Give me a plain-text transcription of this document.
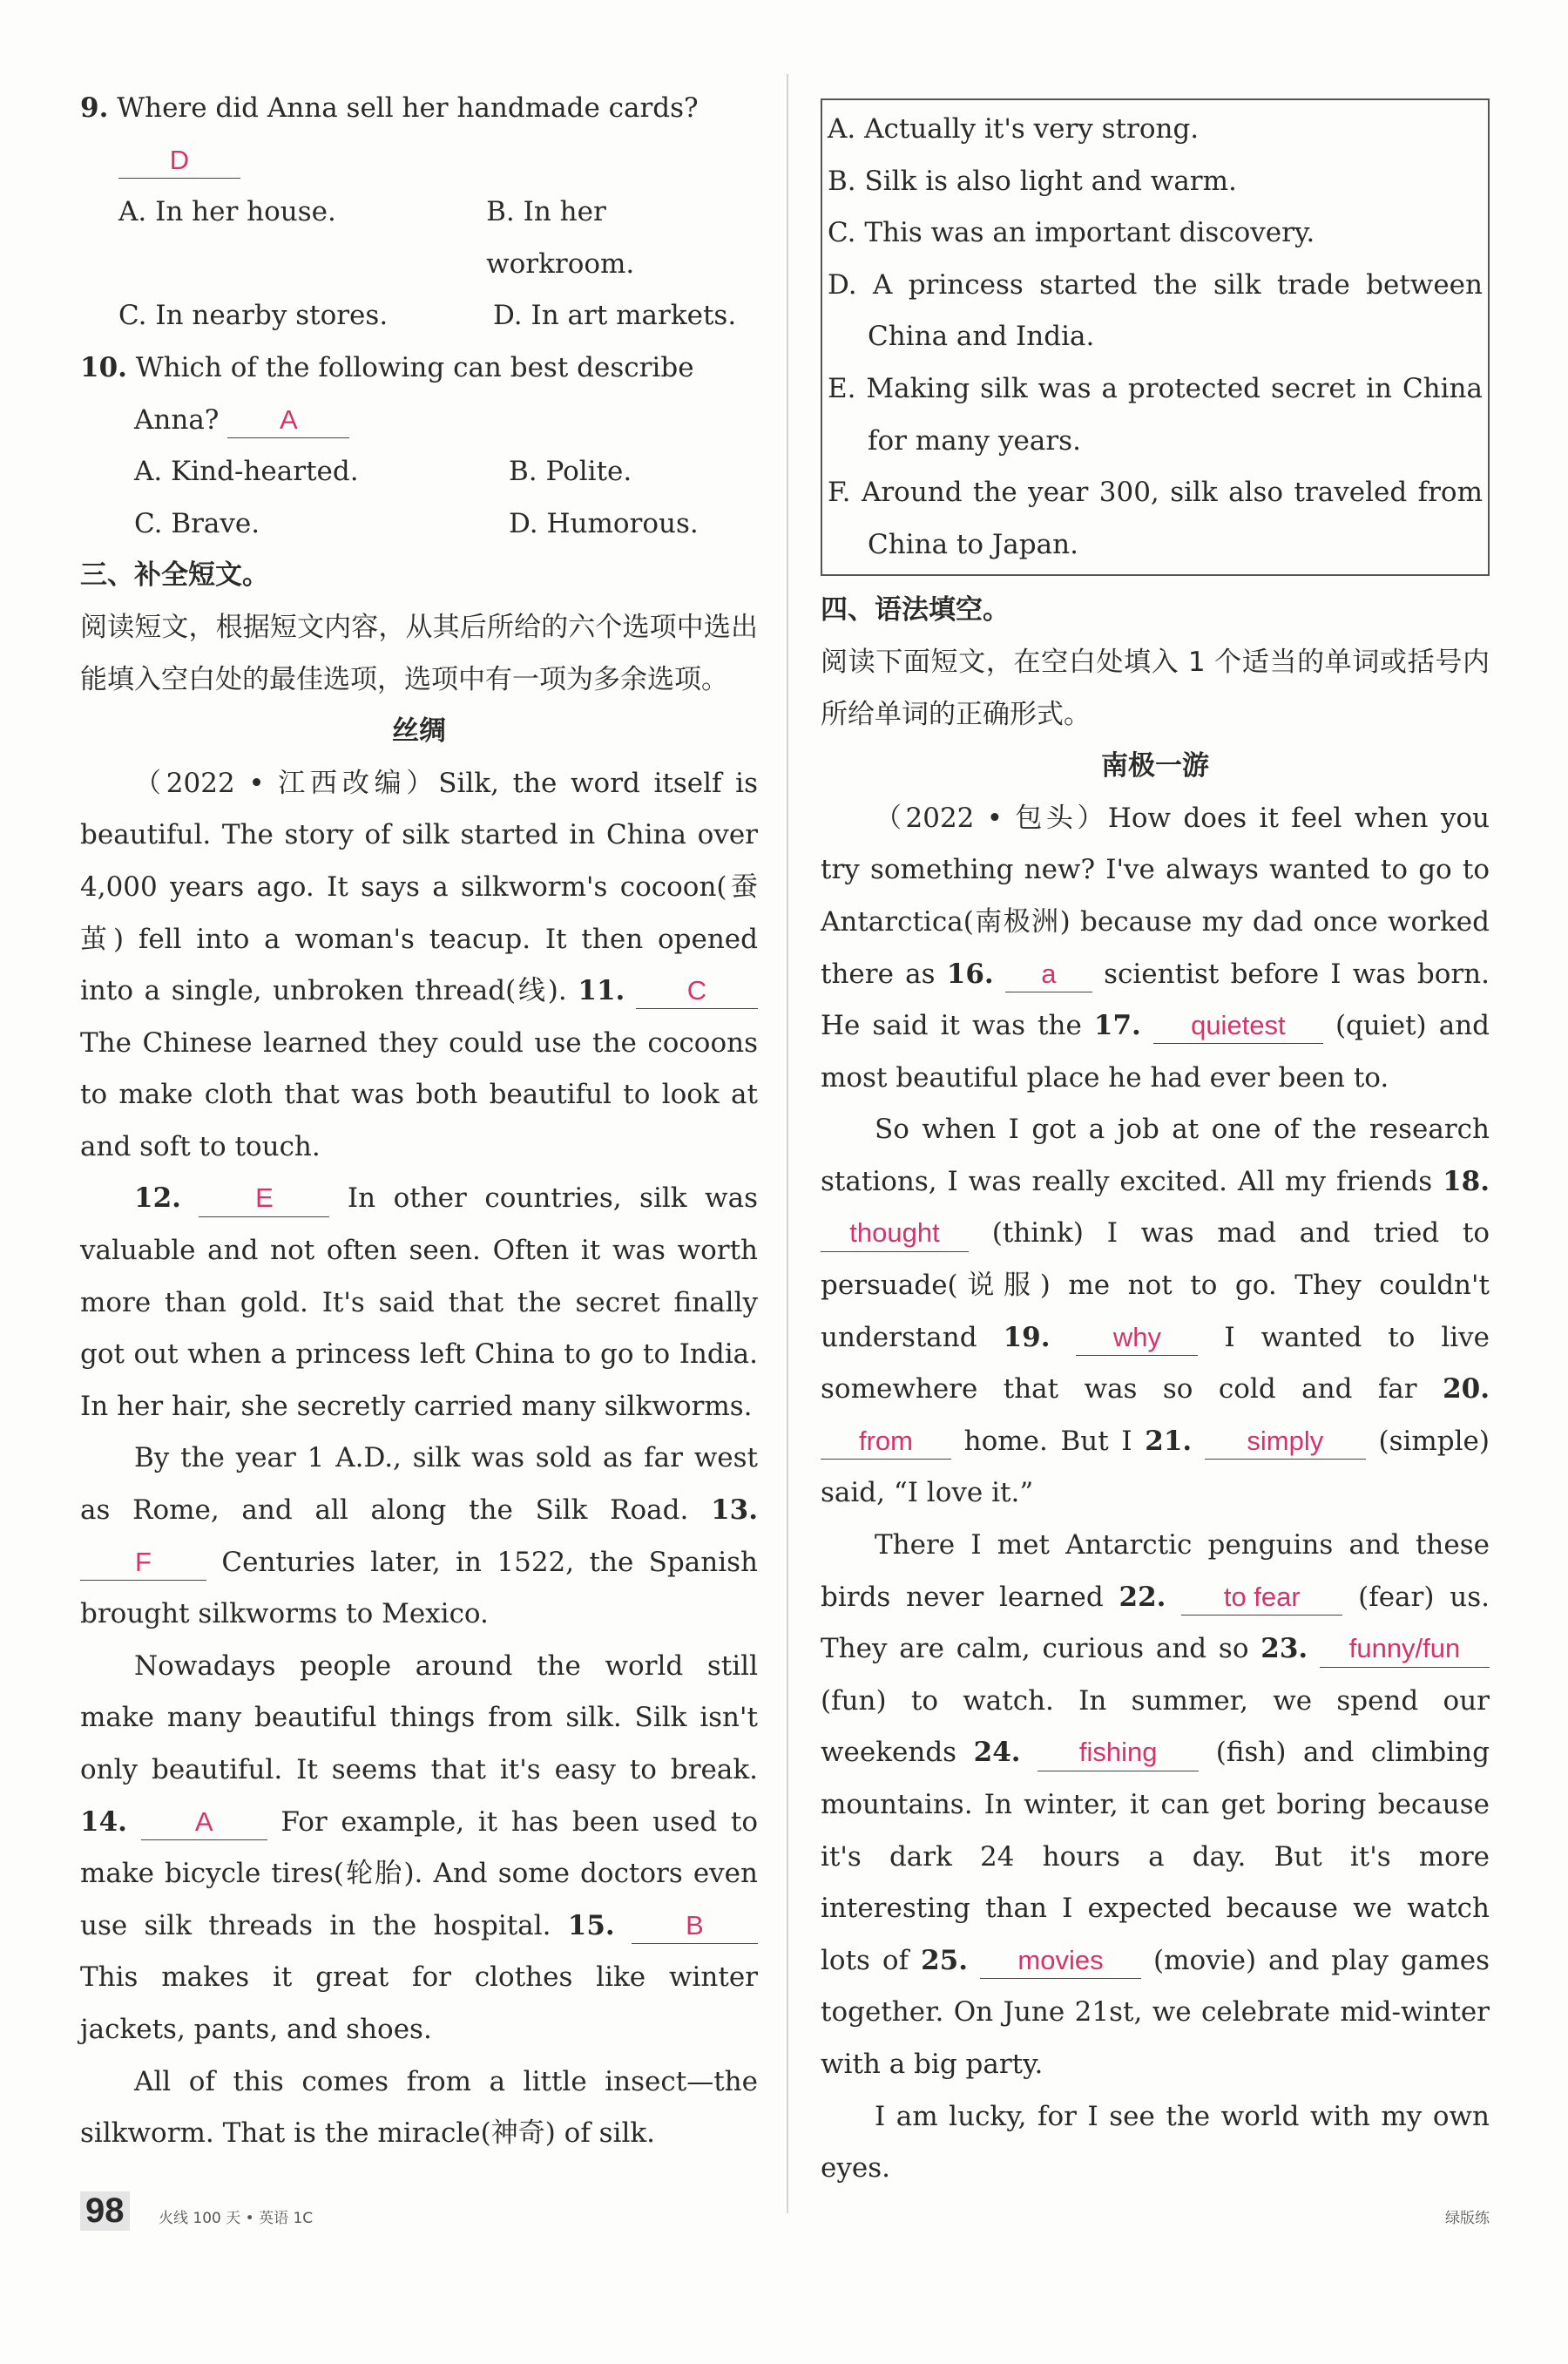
9. Where did Anna sell her handmade cards?

D

A. In her house.	B. In her workroom.
C. In nearby stores.	D. In art markets.

10. Which of the following can best describe

Anna? A

A. Kind-hearted.	B. Polite.
C. Brave.	D. Humorous.
三、补全短文。
阅读短文，根据短文内容，从其后所给的六个选项中选出能填入空白处的最佳选项，选项中有一项为多余选项。
丝绸

（2022 • 江西改编）Silk, the word itself is beautiful. The story of silk started in China over 4,000 years ago. It says a silkworm's cocoon(蚕茧) fell into a woman's teacup. It then opened into a single, unbroken thread(线). 11. C The Chinese learned they could use the cocoons to make cloth that was both beautiful to look at and soft to touch.

12.	E	In other countries, silk was valuable and not often seen. Often it was worth more than gold. It's said that the secret finally got out when a princess left China to go to India. In her hair, she secretly carried many silkworms.

By the year 1 A.D., silk was sold as far west as Rome, and all along the Silk Road. 13. F	Centuries later, in 1522, the Spanish brought silkworms to Mexico.

Nowadays people around the world still make many beautiful things from silk. Silk isn't only beautiful. It seems that it's easy to break. 14.	A	For example, it has been used to make bicycle tires(轮胎). And some doctors even use silk threads in the hospital. 15.	B This makes it great for clothes like winter jackets, pants, and shoes.

All of this comes from a little insect—the silkworm. That is the miracle(神奇) of silk.

A. Actually it's very strong.
B. Silk is also light and warm.
C. This was an important discovery.
D. A princess started the silk trade between China and India.
E. Making silk was a protected secret in China for many years.
F. Around the year 300, silk also traveled from China to Japan.
四、语法填空。
阅读下面短文，在空白处填入 1 个适当的单词或括号内所给单词的正确形式。
南极一游

（2022 • 包头）How does it feel when you try something new? I've always wanted to go to Antarctica(南极洲) because my dad once worked there as 16. a scientist before I was born. He said it was the 17. quietest (quiet) and most beautiful place he had ever been to.

So when I got a job at one of the research stations, I was really excited. All my friends 18. thought (think) I was mad and tried to persuade(说服) me not to go. They couldn't understand 19. why I wanted to live somewhere that was so cold and far 20. from home. But I 21. simply (simple) said, “I love it.”

There I met Antarctic penguins and these birds never learned 22. to fear (fear) us. They are calm, curious and so 23. funny/fun (fun) to watch. In summer, we spend our weekends 24. fishing (fish) and climbing mountains. In winter, it can get boring because it's dark 24 hours a day. But it's more interesting than I expected because we watch lots of 25. movies (movie) and play games together. On June 21st, we celebrate mid-winter with a big party.

I am lucky, for I see the world with my own eyes.

98	火线 100 天 • 英语 1C	绿版练
